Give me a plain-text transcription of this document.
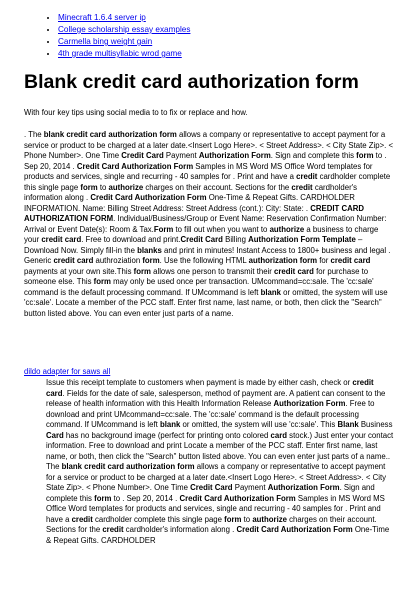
• Minecraft 1.6.4 server ip
• College scholarship essay examples
• Carmella bing weight gain
• 4th grade multisyllabic wrod game
Blank credit card authorization form

With four key tips using social media to to fix or replace and how.

. The blank credit card authorization form allows a company or representative to accept payment for a service or product to be charged at a later date.<Insert Logo Here>. < Street Address>. < City State Zip>. < Phone Number>. One Time Credit Card Payment Authorization Form. Sign and complete this form to . Sep 20, 2014 . Credit Card Authorization Form Samples in MS Word MS Office Word templates for products and services, single and recurring - 40 samples for . Print and have a credit cardholder complete this single page form to authorize charges on their account. Sections for the credit cardholder's information along . Credit Card Authorization Form One-Time & Repeat Gifts. CARDHOLDER INFORMATION. Name: Billing Street Address: Street Address (cont.): City: State: . CREDIT CARD AUTHORIZATION FORM. Individual/Business/Group or Event Name: Reservation Confirmation Number: Arrival or Event Date(s): Room & Tax.Form to fill out when you want to authorize a business to charge your credit card. Free to download and print.Credit Card Billing Authorization Form Template – Download Now. Simply fill-in the blanks and print in minutes! Instant Access to 1800+ business and legal . Generic credit card authroziation form. Use the following HTML authorization form for credit card payments at your own site.This form allows one person to transmit their credit card for purchase to someone else. This form may only be used once per transaction. UMcommand=cc:sale. The 'cc:sale' command is the default processing command. If UMcommand is left blank or omitted, the system will use 'cc:sale'. Locate a member of the PCC staff. Enter first name, last name, or both, then click the "Search" button listed above. You can even enter just parts of a name.

dildo adapter for saws all

Issue this receipt template to customers when payment is made by either cash, check or credit card. Fields for the date of sale, salesperson, method of payment are. A patient can consent to the release of health information with this Health Information Release Authorization Form. Free to download and print UMcommand=cc:sale. The 'cc:sale' command is the default processing command. If UMcommand is left blank or omitted, the system will use 'cc:sale'. This Blank Business Card has no background image (perfect for printing onto colored card stock.) Just enter your contact information. Free to download and print Locate a member of the PCC staff. Enter first name, last name, or both, then click the "Search" button listed above. You can even enter just parts of a name.. The blank credit card authorization form allows a company or representative to accept payment for a service or product to be charged at a later date.<Insert Logo Here>. < Street Address>. < City State Zip>. < Phone Number>. One Time Credit Card Payment Authorization Form. Sign and complete this form to . Sep 20, 2014 . Credit Card Authorization Form Samples in MS Word MS Office Word templates for products and services, single and recurring - 40 samples for . Print and have a credit cardholder complete this single page form to authorize charges on their account. Sections for the credit cardholder's information along . Credit Card Authorization Form One-Time & Repeat Gifts. CARDHOLDER
